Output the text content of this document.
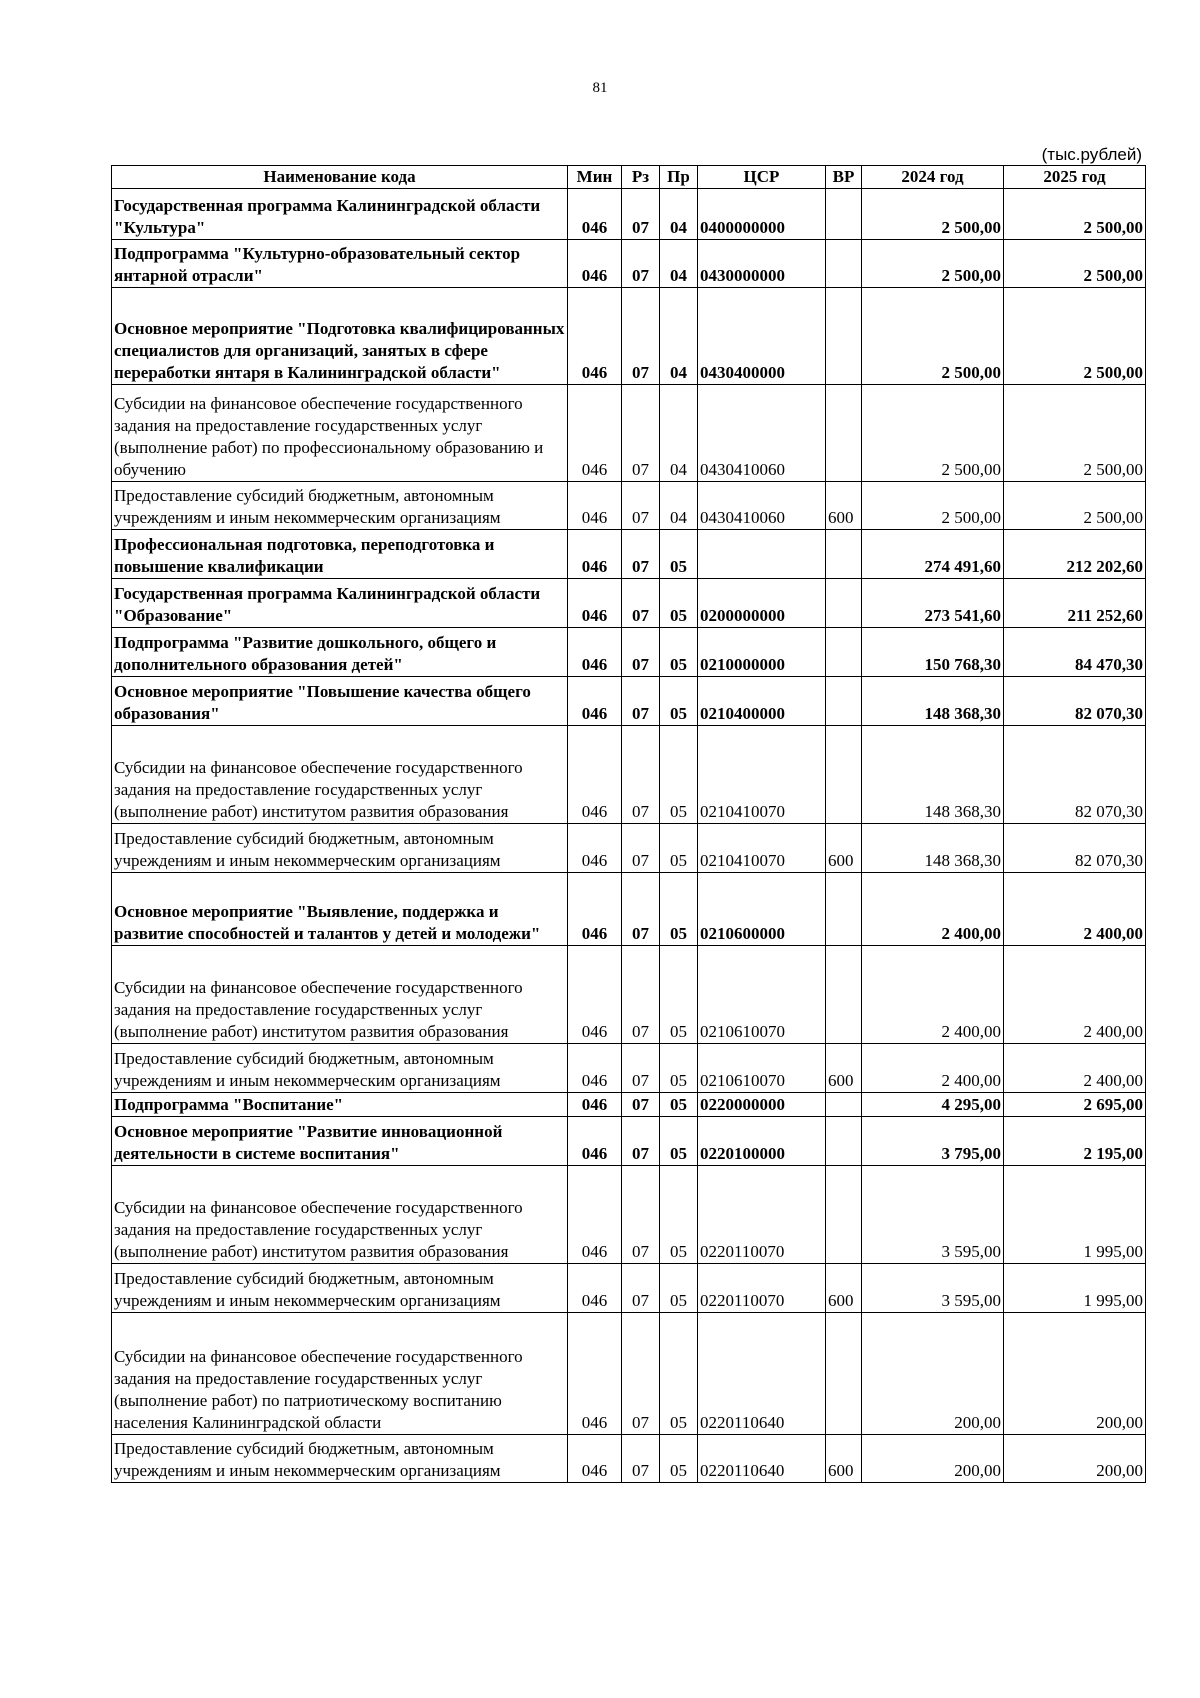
81
(тыс.рублей)
Наименование кода	Мин	Рз	Пр	ЦСР	ВР	2024 год	2025 год
Государственная программа Калининградской области "Культура"	046	07	04	0400000000		2 500,00	2 500,00
Подпрограмма "Культурно-образовательный сектор янтарной отрасли"	046	07	04	0430000000		2 500,00	2 500,00
Основное мероприятие "Подготовка квалифицированных специалистов для организаций, занятых в сфере переработки янтаря в Калининградской области"	046	07	04	0430400000		2 500,00	2 500,00
Субсидии на финансовое обеспечение государственного задания на предоставление государственных услуг (выполнение работ) по профессиональному образованию и обучению	046	07	04	0430410060		2 500,00	2 500,00
Предоставление субсидий бюджетным, автономным учреждениям и иным некоммерческим организациям	046	07	04	0430410060	600	2 500,00	2 500,00
Профессиональная подготовка, переподготовка и повышение квалификации	046	07	05			274 491,60	212 202,60
Государственная программа Калининградской области "Образование"	046	07	05	0200000000		273 541,60	211 252,60
Подпрограмма "Развитие дошкольного, общего и дополнительного образования детей"	046	07	05	0210000000		150 768,30	84 470,30
Основное мероприятие "Повышение качества общего образования"	046	07	05	0210400000		148 368,30	82 070,30
Субсидии на финансовое обеспечение государственного задания на предоставление государственных услуг (выполнение работ) институтом развития образования	046	07	05	0210410070		148 368,30	82 070,30
Предоставление субсидий бюджетным, автономным учреждениям и иным некоммерческим организациям	046	07	05	0210410070	600	148 368,30	82 070,30
Основное мероприятие "Выявление, поддержка и развитие способностей и талантов у детей и молодежи"	046	07	05	0210600000		2 400,00	2 400,00
Субсидии на финансовое обеспечение государственного задания на предоставление государственных услуг (выполнение работ) институтом развития образования	046	07	05	0210610070		2 400,00	2 400,00
Предоставление субсидий бюджетным, автономным учреждениям и иным некоммерческим организациям	046	07	05	0210610070	600	2 400,00	2 400,00
Подпрограмма "Воспитание"	046	07	05	0220000000		4 295,00	2 695,00
Основное мероприятие "Развитие инновационной деятельности в системе воспитания"	046	07	05	0220100000		3 795,00	2 195,00
Субсидии на финансовое обеспечение государственного задания на предоставление государственных услуг (выполнение работ) институтом развития образования	046	07	05	0220110070		3 595,00	1 995,00
Предоставление субсидий бюджетным, автономным учреждениям и иным некоммерческим организациям	046	07	05	0220110070	600	3 595,00	1 995,00
Субсидии на финансовое обеспечение государственного задания на предоставление государственных услуг (выполнение работ) по патриотическому воспитанию населения Калининградской области	046	07	05	0220110640		200,00	200,00
Предоставление субсидий бюджетным, автономным учреждениям и иным некоммерческим организациям	046	07	05	0220110640	600	200,00	200,00
